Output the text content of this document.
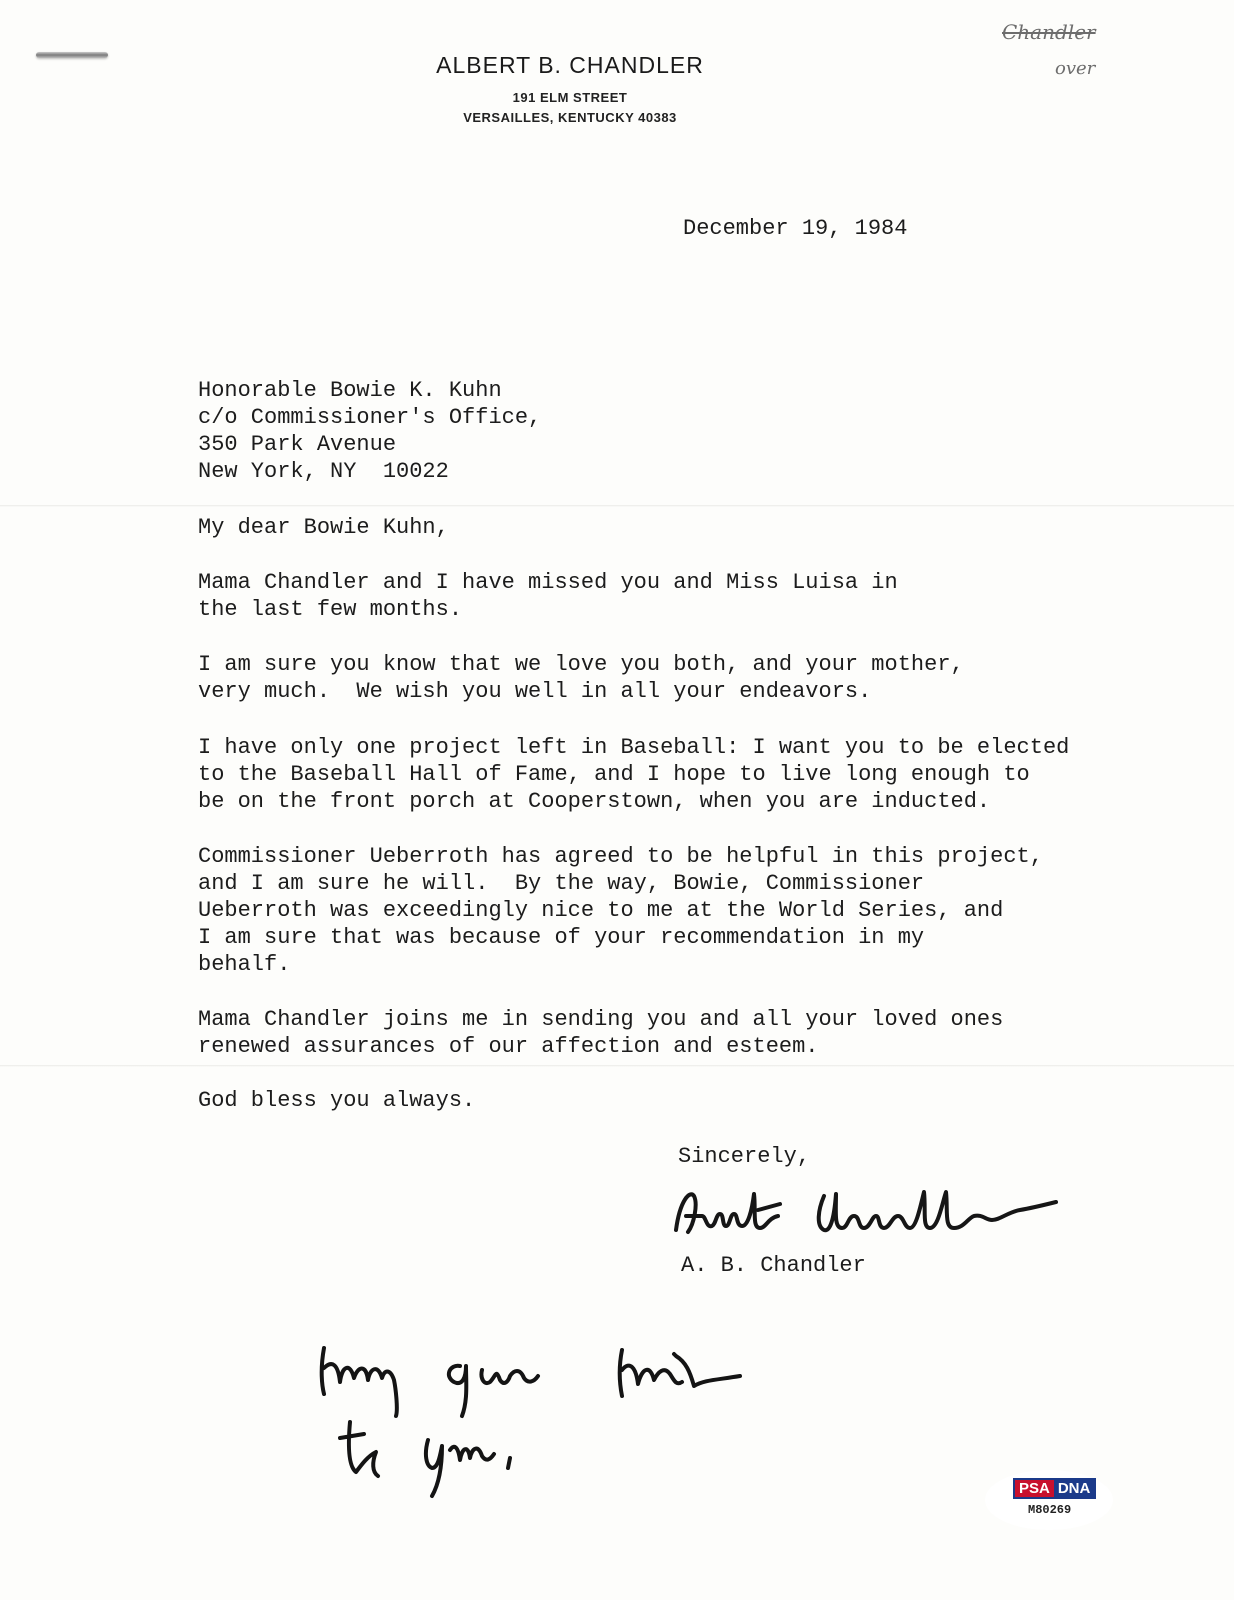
ALBERT B. CHANDLER
191 ELM STREET
VERSAILLES, KENTUCKY 40383
Chandler
over
December 19, 1984
Honorable Bowie K. Kuhn
c/o Commissioner's Office,
350 Park Avenue
New York, NY  10022
My dear Bowie Kuhn,
Mama Chandler and I have missed you and Miss Luisa in
the last few months.
I am sure you know that we love you both, and your mother,
very much.  We wish you well in all your endeavors.
I have only one project left in Baseball: I want you to be elected
to the Baseball Hall of Fame, and I hope to live long enough to
be on the front porch at Cooperstown, when you are inducted.
Commissioner Ueberroth has agreed to be helpful in this project,
and I am sure he will.  By the way, Bowie, Commissioner
Ueberroth was exceedingly nice to me at the World Series, and
I am sure that was because of your recommendation in my
behalf.
Mama Chandler joins me in sending you and all your loved ones
renewed assurances of our affection and esteem.
God bless you always.
Sincerely,
A. B. Chandler
PSA DNA
M80269
